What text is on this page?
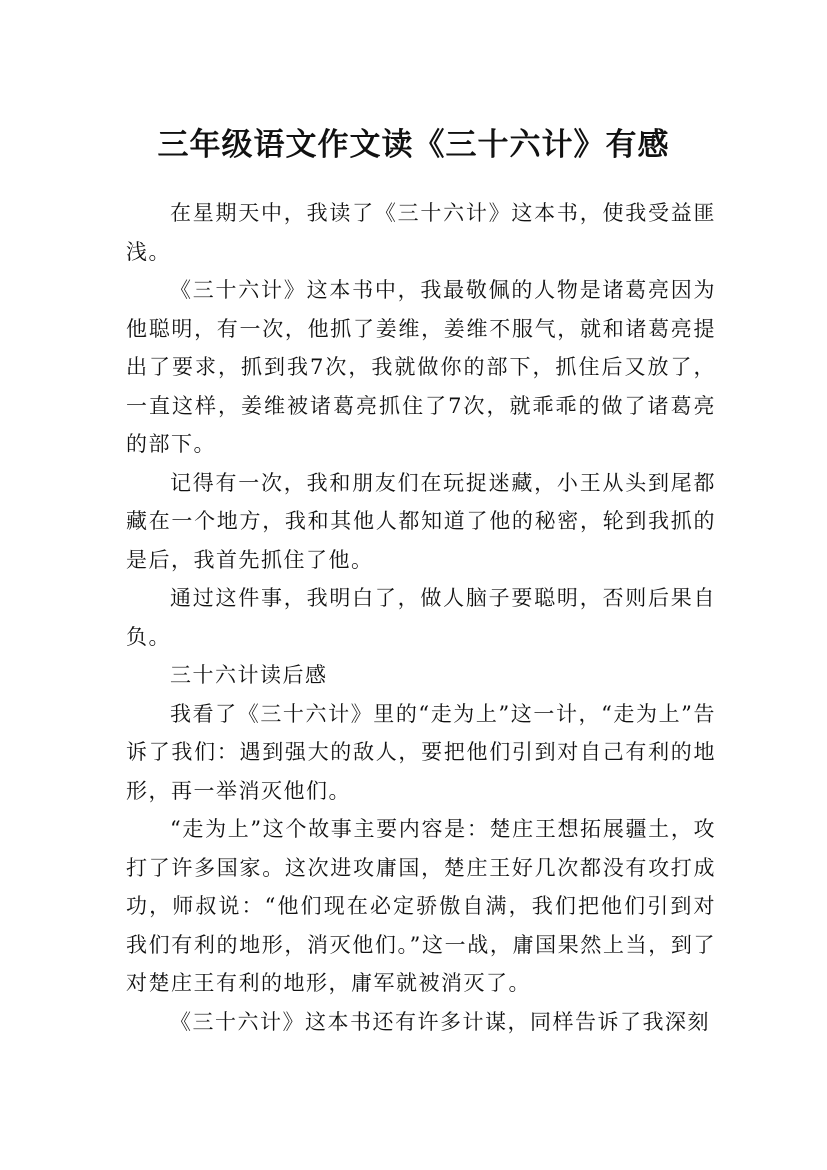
三年级语文作文读《三十六计》有感

在星期天中，我读了《三十六计》这本书，使我受益匪浅。

《三十六计》这本书中，我最敬佩的人物是诸葛亮因为他聪明，有一次，他抓了姜维，姜维不服气，就和诸葛亮提出了要求，抓到我7次，我就做你的部下，抓住后又放了，一直这样，姜维被诸葛亮抓住了7次，就乖乖的做了诸葛亮的部下。

记得有一次，我和朋友们在玩捉迷藏，小王从头到尾都藏在一个地方，我和其他人都知道了他的秘密，轮到我抓的是后，我首先抓住了他。

通过这件事，我明白了，做人脑子要聪明，否则后果自负。

三十六计读后感

我看了《三十六计》里的“走为上”这一计，“走为上”告诉了我们：遇到强大的敌人，要把他们引到对自己有利的地形，再一举消灭他们。

“走为上”这个故事主要内容是：楚庄王想拓展疆土，攻打了许多国家。这次进攻庸国，楚庄王好几次都没有攻打成功，师叔说：“他们现在必定骄傲自满，我们把他们引到对我们有利的地形，消灭他们。”这一战，庸国果然上当，到了对楚庄王有利的地形，庸军就被消灭了。

《三十六计》这本书还有许多计谋，同样告诉了我深刻
